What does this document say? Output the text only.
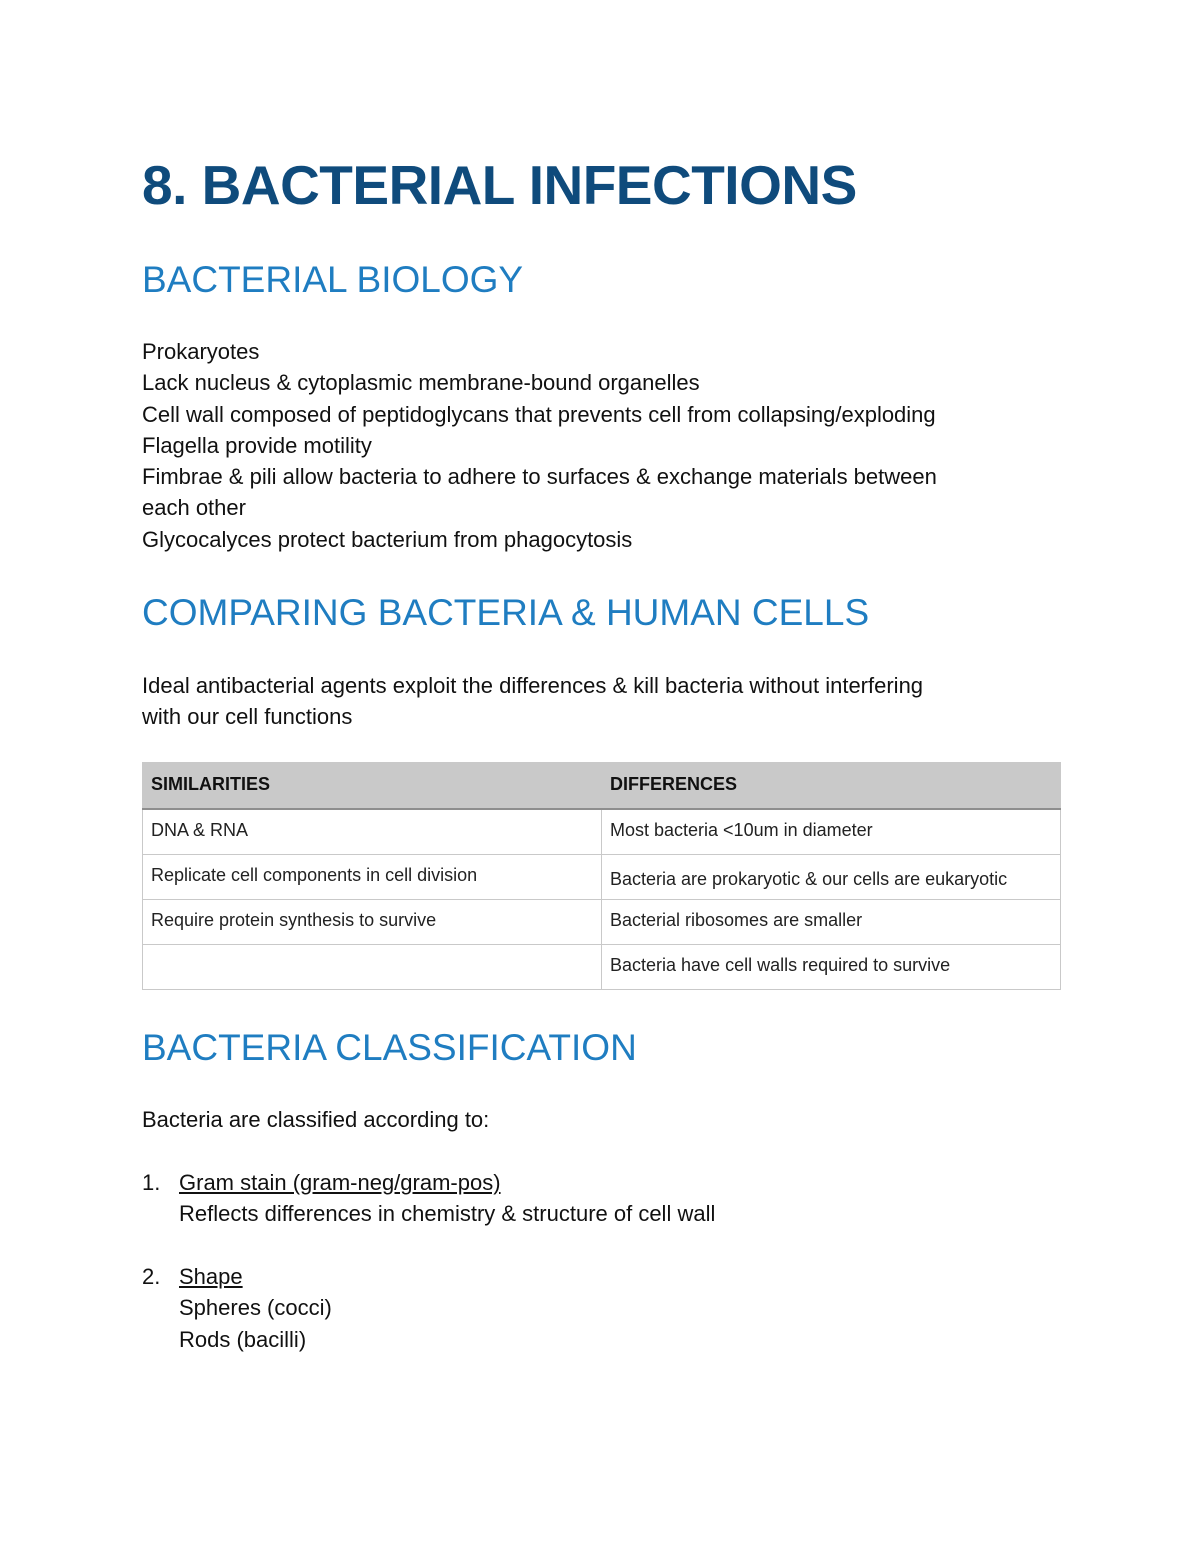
8. BACTERIAL INFECTIONS
BACTERIAL BIOLOGY

Prokaryotes

Lack nucleus & cytoplasmic membrane-bound organelles

Cell wall composed of peptidoglycans that prevents cell from collapsing/exploding

Flagella provide motility

Fimbrae & pili allow bacteria to adhere to surfaces & exchange materials between

each other

Glycocalyces protect bacterium from phagocytosis

COMPARING BACTERIA & HUMAN CELLS

Ideal antibacterial agents exploit the differences & kill bacteria without interfering

with our cell functions

SIMILARITIES	DIFFERENCES
DNA & RNA	Most bacteria <10um in diameter
Replicate cell components in cell division	Bacteria are prokaryotic & our cells are eukaryotic
Require protein synthesis to survive	Bacterial ribosomes are smaller
	Bacteria have cell walls required to survive
BACTERIA CLASSIFICATION

Bacteria are classified according to:

1. Gram stain (gram-neg/gram-pos)

Reflects differences in chemistry & structure of cell wall

2. Shape

Spheres (cocci)

Rods (bacilli)
